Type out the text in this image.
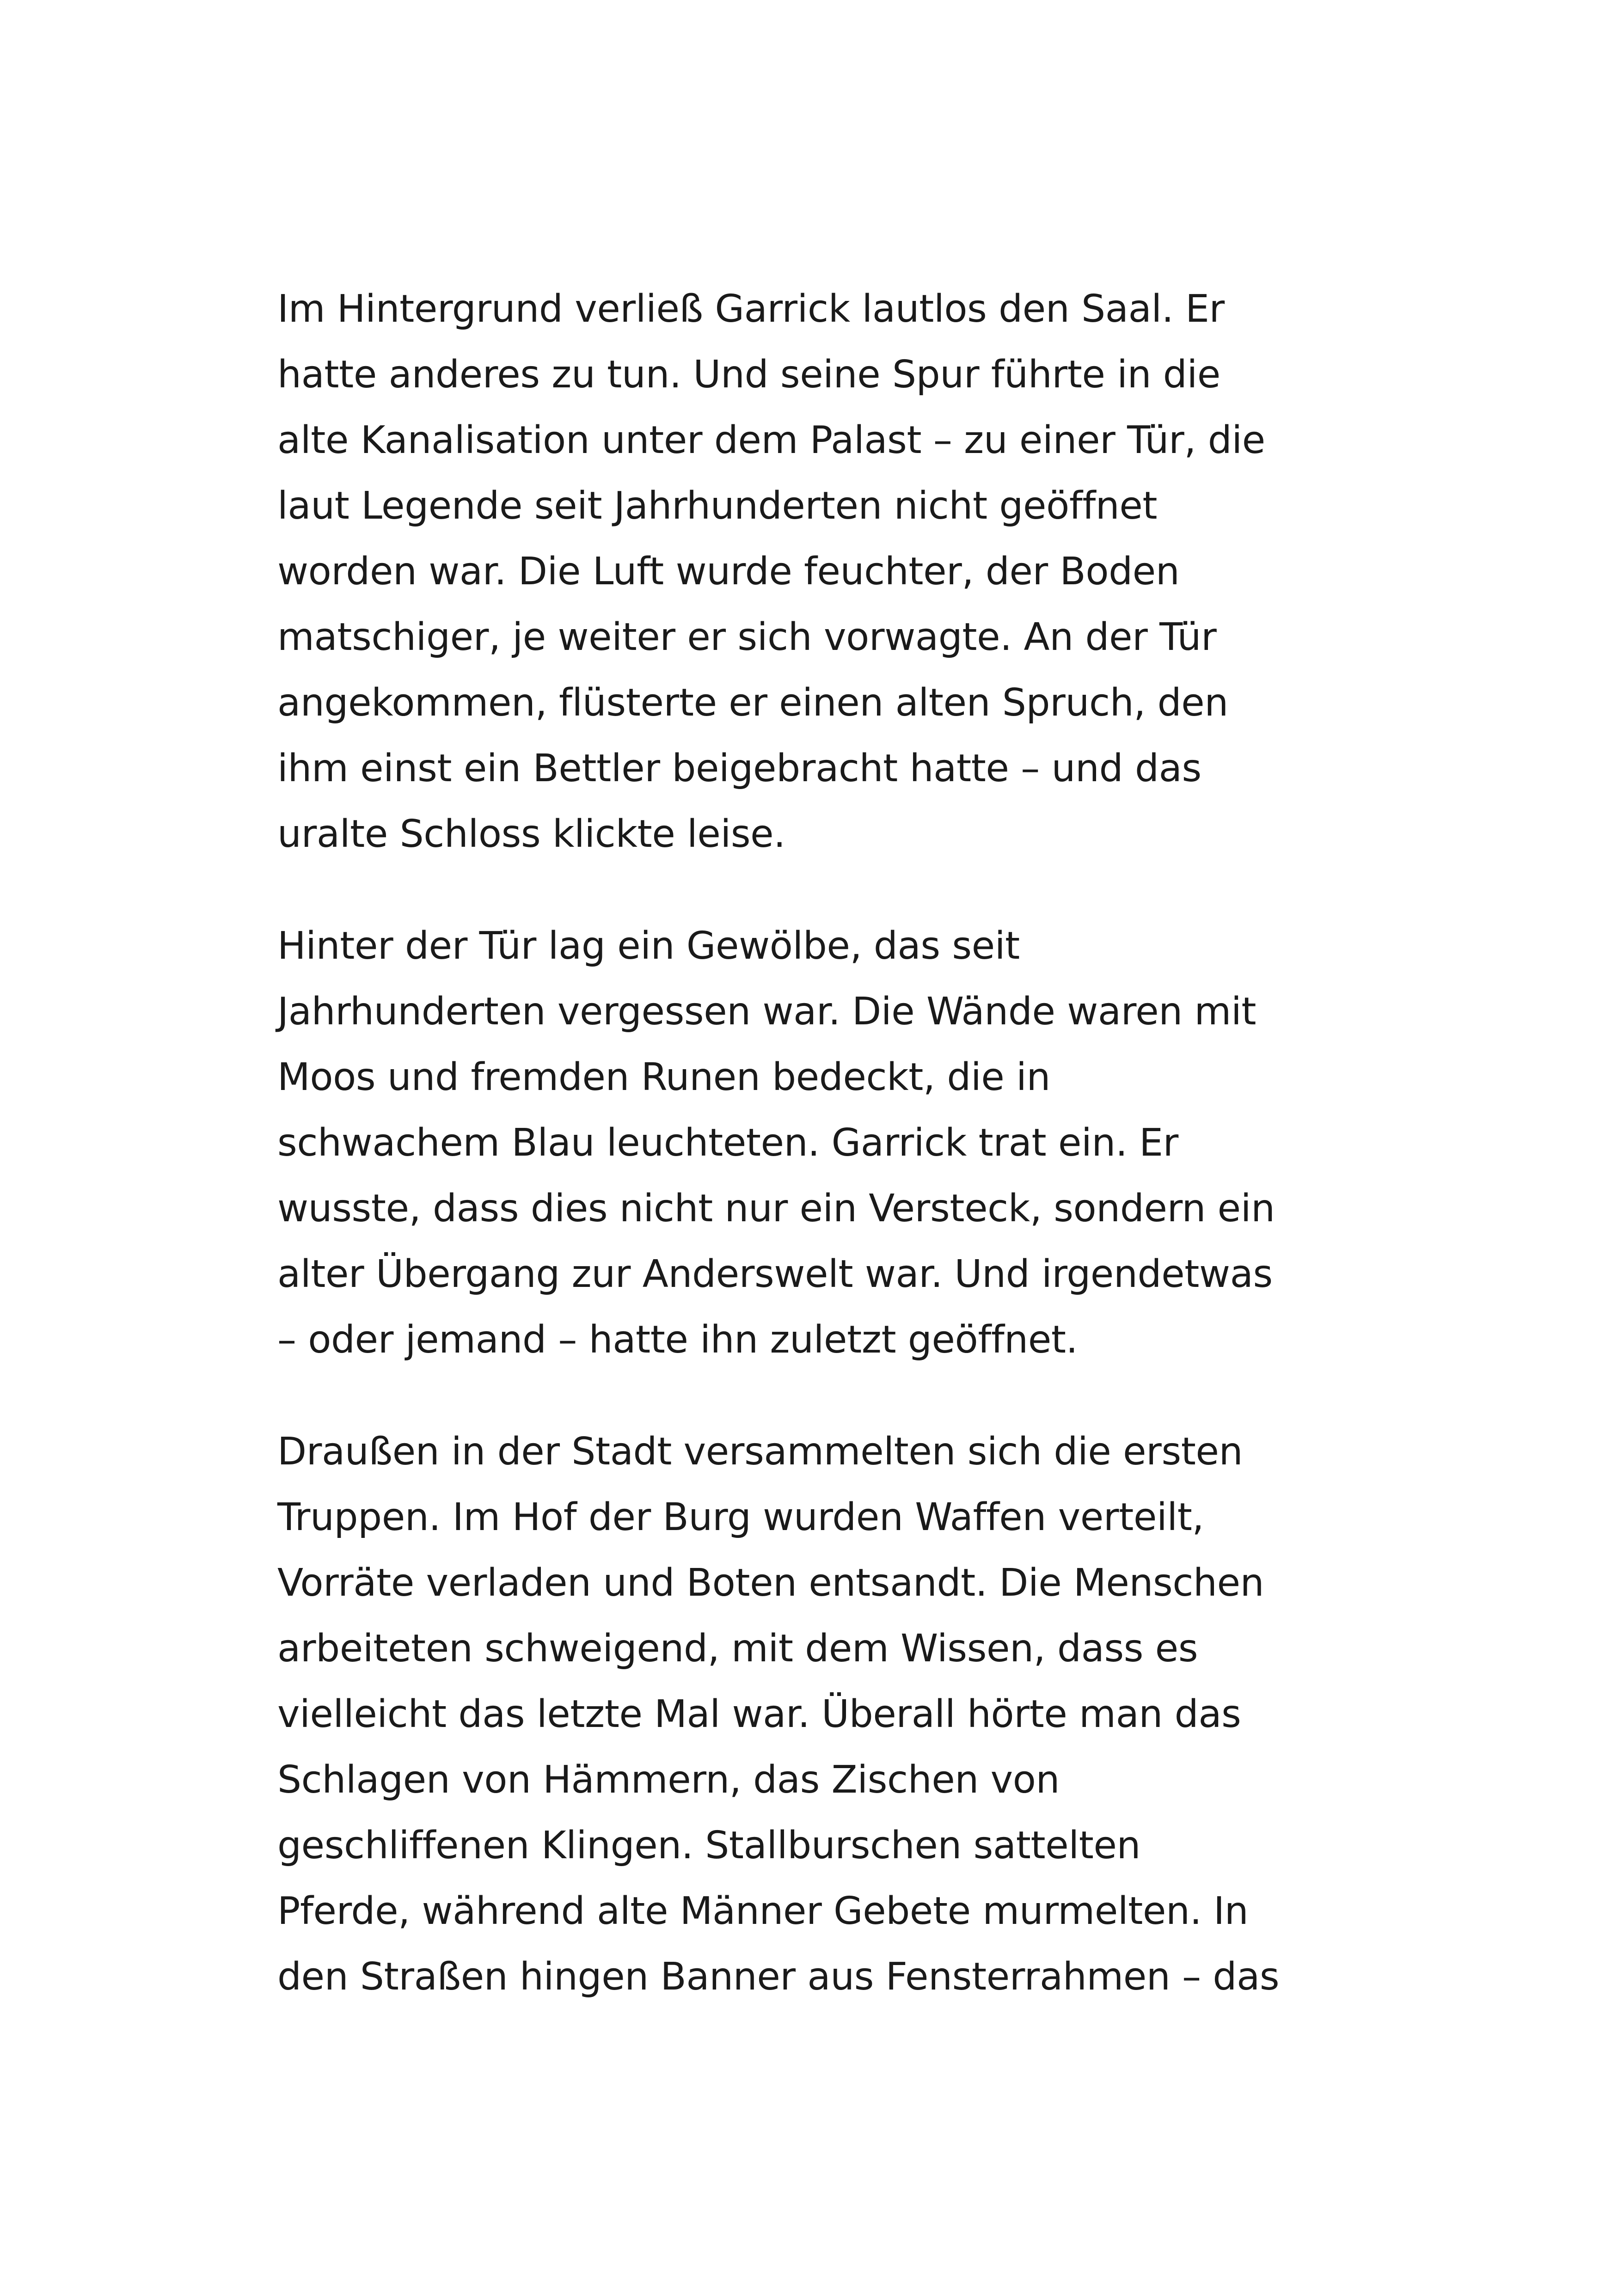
Im Hintergrund verließ Garrick lautlos den Saal. Er
hatte anderes zu tun. Und seine Spur führte in die
alte Kanalisation unter dem Palast – zu einer Tür, die
laut Legende seit Jahrhunderten nicht geöffnet
worden war. Die Luft wurde feuchter, der Boden
matschiger, je weiter er sich vorwagte. An der Tür
angekommen, flüsterte er einen alten Spruch, den
ihm einst ein Bettler beigebracht hatte – und das
uralte Schloss klickte leise.

Hinter der Tür lag ein Gewölbe, das seit
Jahrhunderten vergessen war. Die Wände waren mit
Moos und fremden Runen bedeckt, die in
schwachem Blau leuchteten. Garrick trat ein. Er
wusste, dass dies nicht nur ein Versteck, sondern ein
alter Übergang zur Anderswelt war. Und irgendetwas
– oder jemand – hatte ihn zuletzt geöffnet.

Draußen in der Stadt versammelten sich die ersten
Truppen. Im Hof der Burg wurden Waffen verteilt,
Vorräte verladen und Boten entsandt. Die Menschen
arbeiteten schweigend, mit dem Wissen, dass es
vielleicht das letzte Mal war. Überall hörte man das
Schlagen von Hämmern, das Zischen von
geschliffenen Klingen. Stallburschen sattelten
Pferde, während alte Männer Gebete murmelten. In
den Straßen hingen Banner aus Fensterrahmen – das
